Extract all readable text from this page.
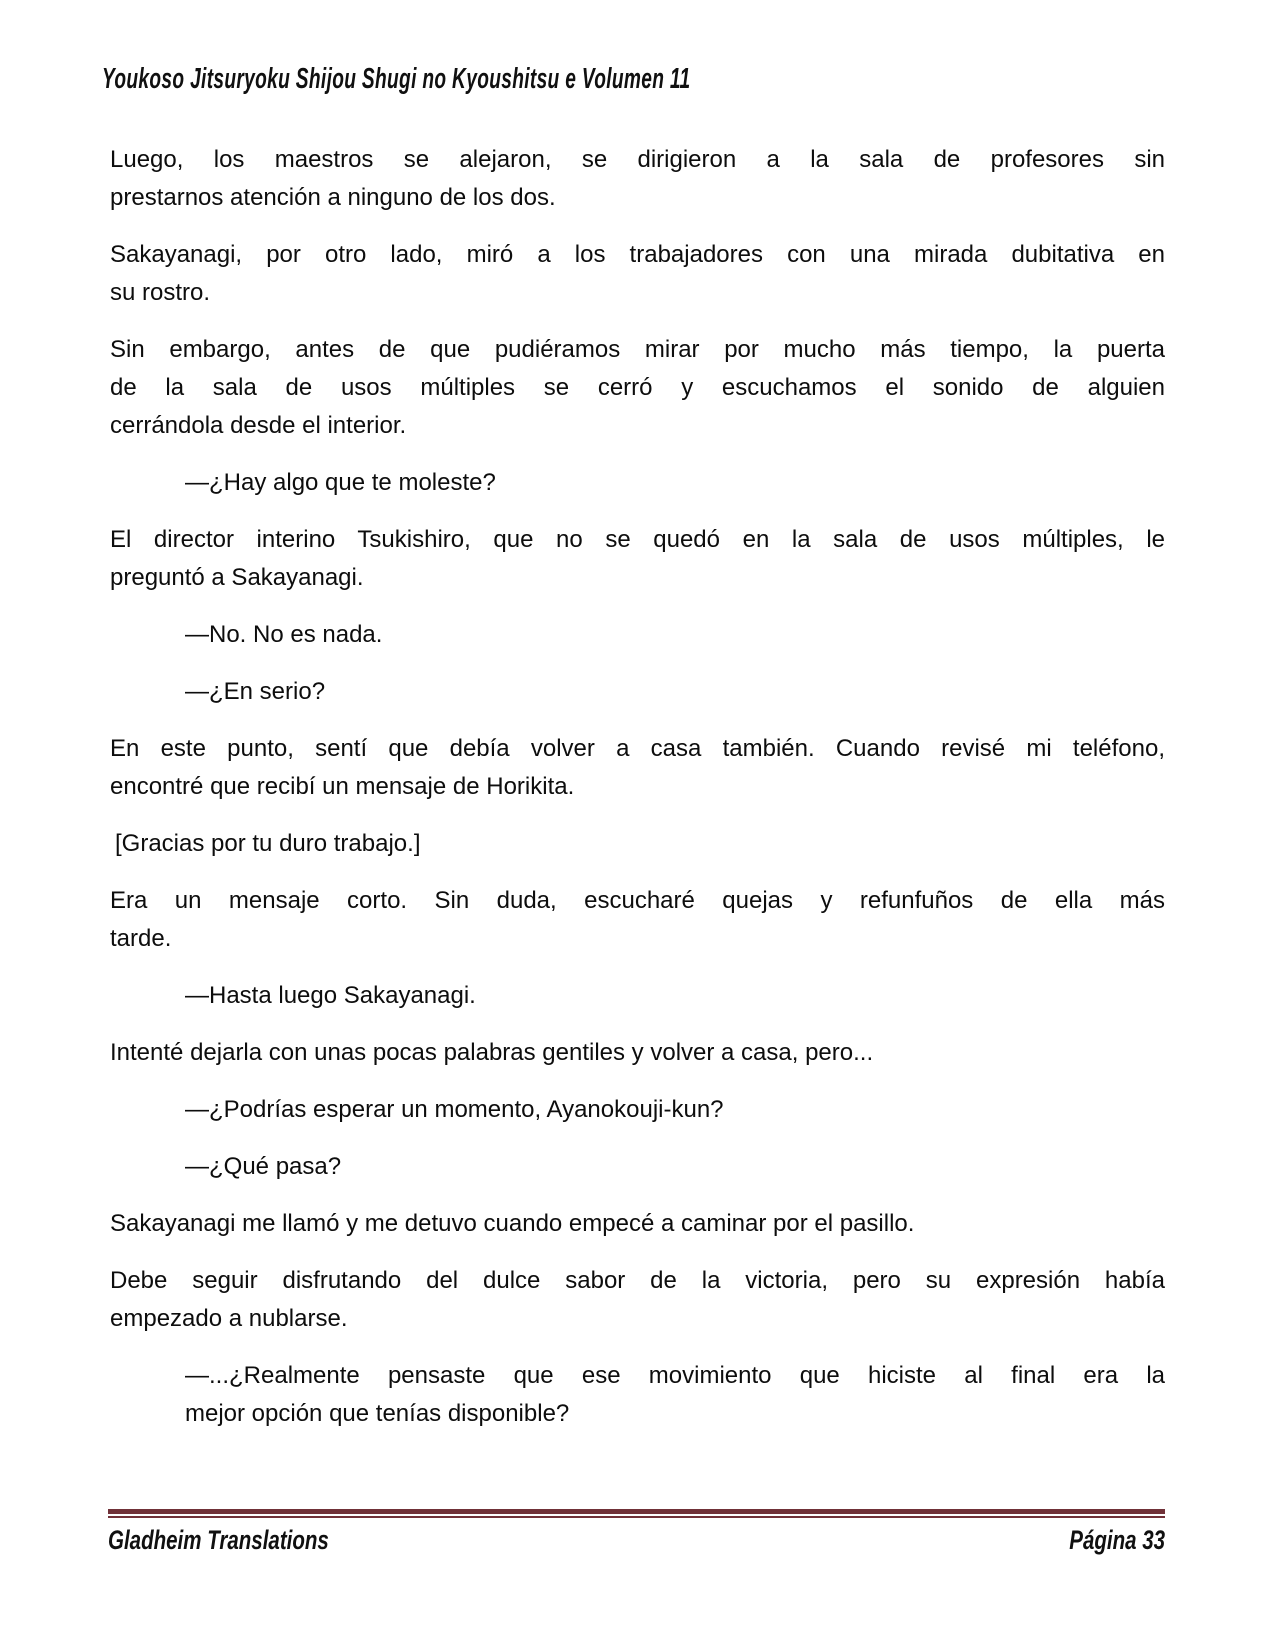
Youkoso Jitsuryoku Shijou Shugi no Kyoushitsu e Volumen 11
Luego, los maestros se alejaron, se dirigieron a la sala de profesores sin
prestarnos atención a ninguno de los dos.
Sakayanagi, por otro lado, miró a los trabajadores con una mirada dubitativa en
su rostro.
Sin embargo, antes de que pudiéramos mirar por mucho más tiempo, la puerta
de la sala de usos múltiples se cerró y escuchamos el sonido de alguien
cerrándola desde el interior.
—¿Hay algo que te moleste?
El director interino Tsukishiro, que no se quedó en la sala de usos múltiples, le
preguntó a Sakayanagi.
—No. No es nada.
—¿En serio?
En este punto, sentí que debía volver a casa también. Cuando revisé mi teléfono,
encontré que recibí un mensaje de Horikita.
[Gracias por tu duro trabajo.]
Era un mensaje corto. Sin duda, escucharé quejas y refunfuños de ella más
tarde.
—Hasta luego Sakayanagi.
Intenté dejarla con unas pocas palabras gentiles y volver a casa, pero...
—¿Podrías esperar un momento, Ayanokouji-kun?
—¿Qué pasa?
Sakayanagi me llamó y me detuvo cuando empecé a caminar por el pasillo.
Debe seguir disfrutando del dulce sabor de la victoria, pero su expresión había
empezado a nublarse.
—...¿Realmente pensaste que ese movimiento que hiciste al final era la
mejor opción que tenías disponible?
Gladheim Translations	Página 33
